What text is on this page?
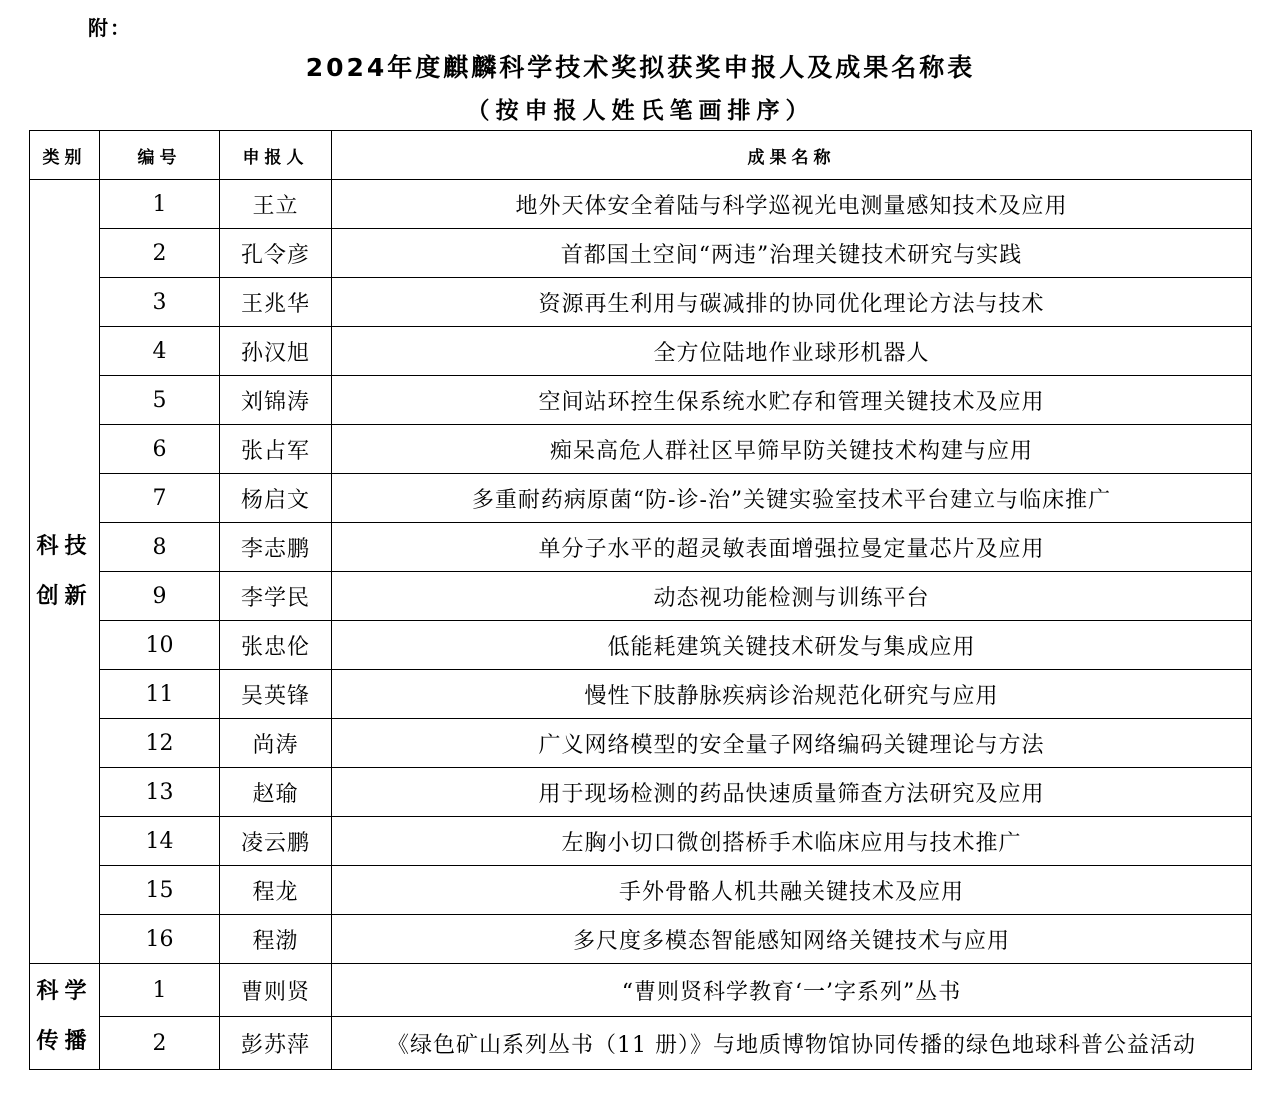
附：
2024年度麒麟科学技术奖拟获奖申报人及成果名称表
（按申报人姓氏笔画排序）
类别	编号	申报人	成果名称

科技
创新	1	王立	地外天体安全着陆与科学巡视光电测量感知技术及应用
	2	孔令彦	首都国土空间“两违”治理关键技术研究与实践
	3	王兆华	资源再生利用与碳减排的协同优化理论方法与技术
	4	孙汉旭	全方位陆地作业球形机器人
	5	刘锦涛	空间站环控生保系统水贮存和管理关键技术及应用
	6	张占军	痴呆高危人群社区早筛早防关键技术构建与应用
	7	杨启文	多重耐药病原菌“防-诊-治”关键实验室技术平台建立与临床推广
	8	李志鹏	单分子水平的超灵敏表面增强拉曼定量芯片及应用
	9	李学民	动态视功能检测与训练平台
	10	张忠伦	低能耗建筑关键技术研发与集成应用
	11	吴英锋	慢性下肢静脉疾病诊治规范化研究与应用
	12	尚涛	广义网络模型的安全量子网络编码关键理论与方法
	13	赵瑜	用于现场检测的药品快速质量筛查方法研究及应用
	14	凌云鹏	左胸小切口微创搭桥手术临床应用与技术推广
	15	程龙	手外骨骼人机共融关键技术及应用
	16	程渤	多尺度多模态智能感知网络关键技术与应用

科学
传播	1	曹则贤	“曹则贤科学教育‘一’字系列”丛书
	2	彭苏萍	《绿色矿山系列丛书（11 册）》与地质博物馆协同传播的绿色地球科普公益活动
